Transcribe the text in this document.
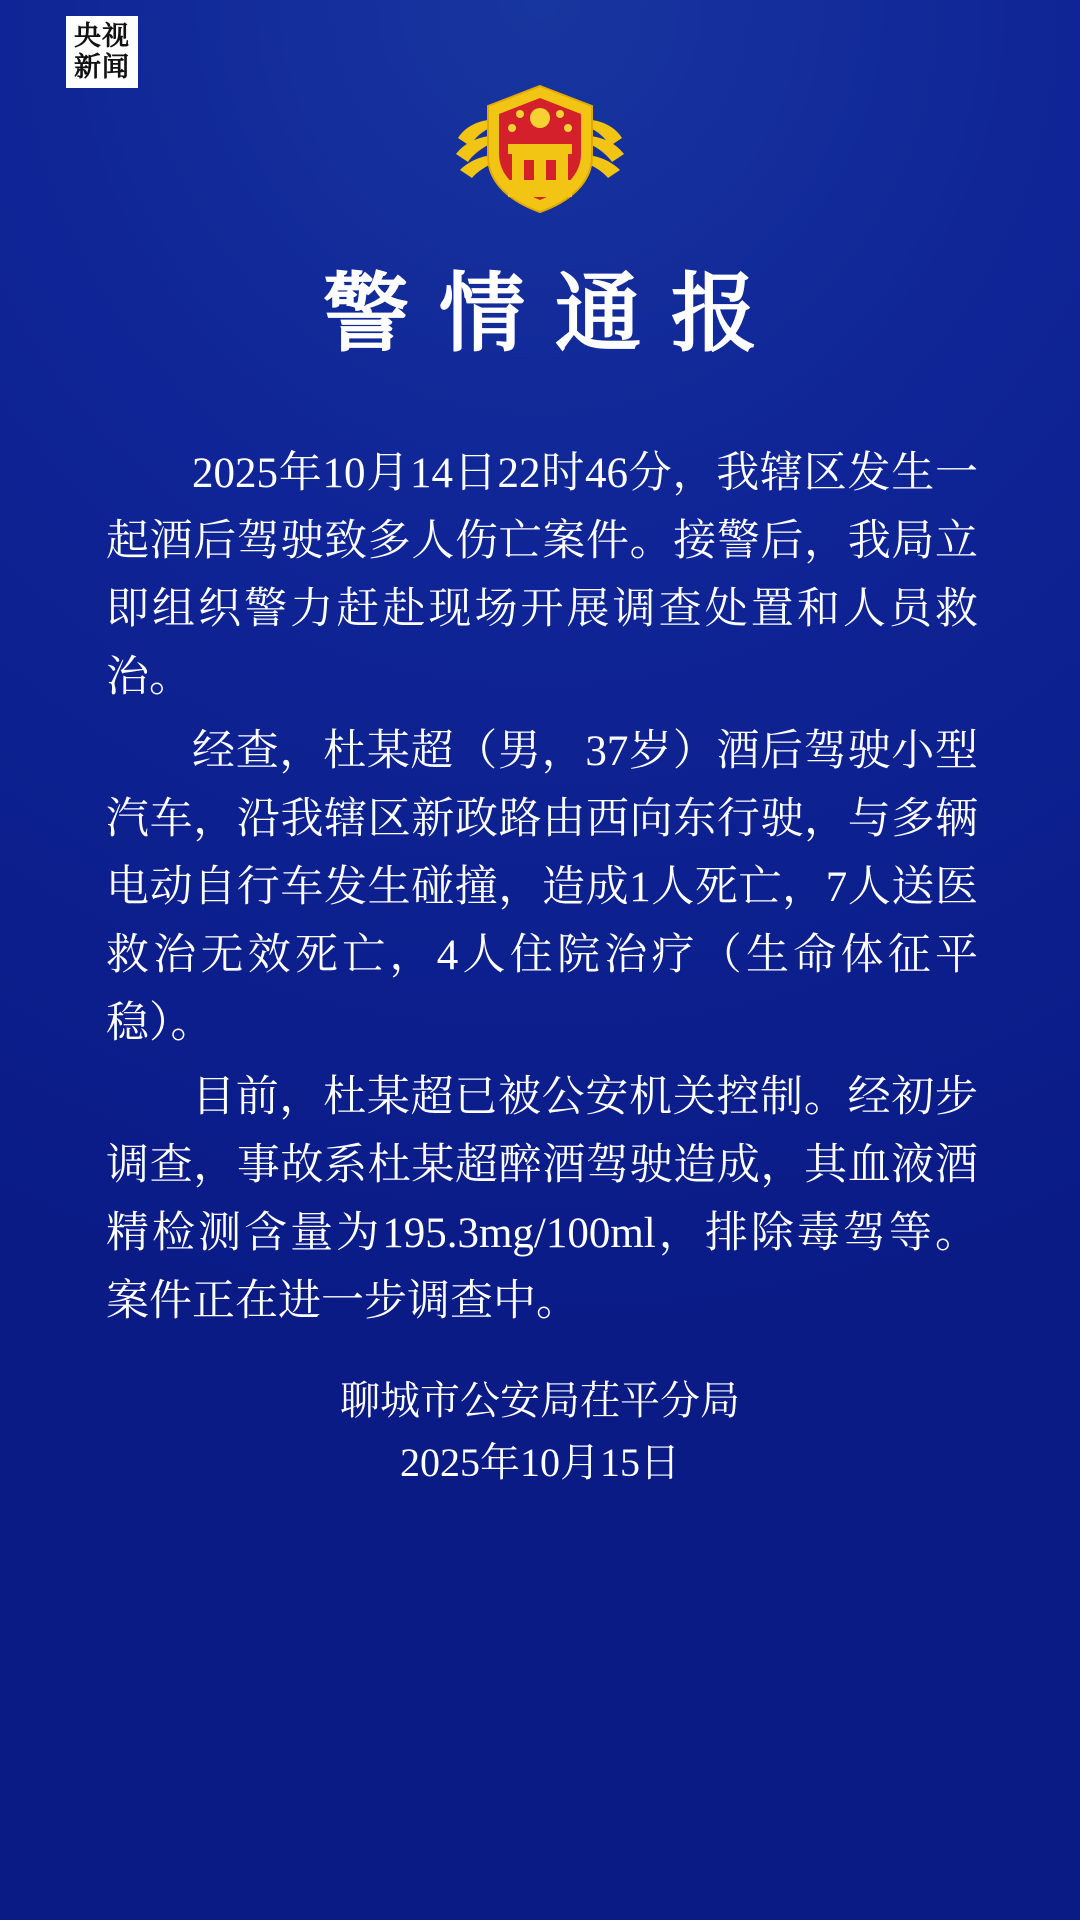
央视
新闻
警情通报

2025年10月14日22时46分，我辖区发生一起酒后驾驶致多人伤亡案件。接警后，我局立即组织警力赶赴现场开展调查处置和人员救治。

经查，杜某超（男，37岁）酒后驾驶小型汽车，沿我辖区新政路由西向东行驶，与多辆电动自行车发生碰撞，造成1人死亡，7人送医救治无效死亡，4人住院治疗（生命体征平稳）。

目前，杜某超已被公安机关控制。经初步调查，事故系杜某超醉酒驾驶造成，其血液酒精检测含量为195.3mg/100ml，排除毒驾等。案件正在进一步调查中。

聊城市公安局茌平分局
2025年10月15日
